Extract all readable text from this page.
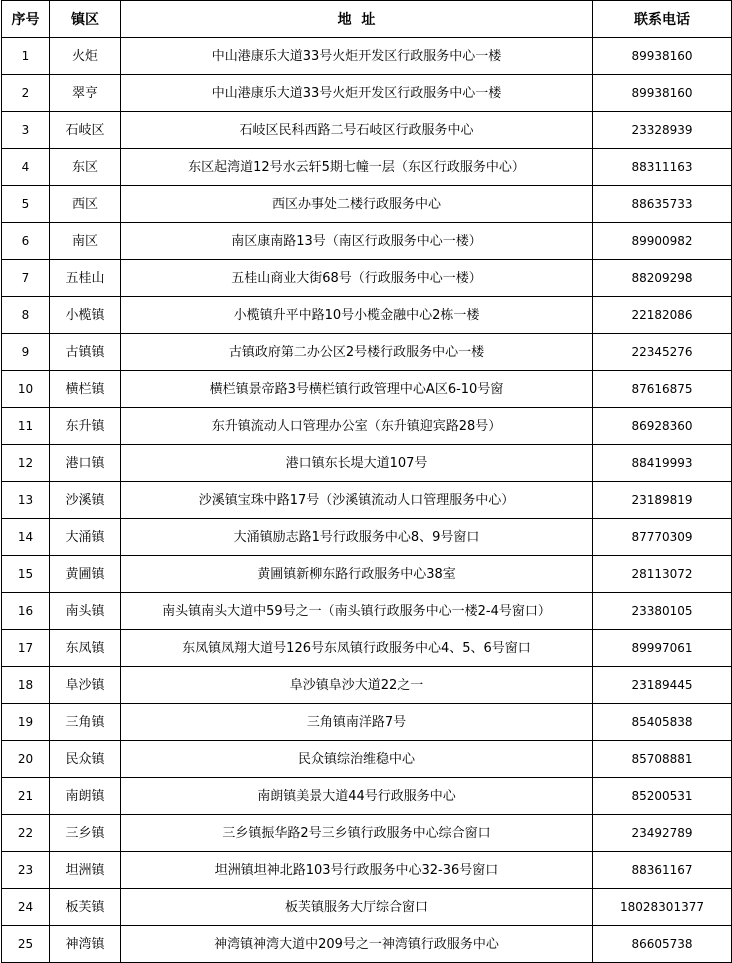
序号	镇区	地  址	联系电话
1	火炬	中山港康乐大道33号火炬开发区行政服务中心一楼	89938160
2	翠亨	中山港康乐大道33号火炬开发区行政服务中心一楼	89938160
3	石岐区	石岐区民科西路二号石岐区行政服务中心	23328939
4	东区	东区起湾道12号水云轩5期七幢一层（东区行政服务中心）	88311163
5	西区	西区办事处二楼行政服务中心	88635733
6	南区	南区康南路13号（南区行政服务中心一楼）	89900982
7	五桂山	五桂山商业大街68号（行政服务中心一楼）	88209298
8	小榄镇	小榄镇升平中路10号小榄金融中心2栋一楼	22182086
9	古镇镇	古镇政府第二办公区2号楼行政服务中心一楼	22345276
10	横栏镇	横栏镇景帝路3号横栏镇行政管理中心A区6-10号窗	87616875
11	东升镇	东升镇流动人口管理办公室（东升镇迎宾路28号）	86928360
12	港口镇	港口镇东长堤大道107号	88419993
13	沙溪镇	沙溪镇宝珠中路17号（沙溪镇流动人口管理服务中心）	23189819
14	大涌镇	大涌镇励志路1号行政服务中心8、9号窗口	87770309
15	黄圃镇	黄圃镇新柳东路行政服务中心38室	28113072
16	南头镇	南头镇南头大道中59号之一（南头镇行政服务中心一楼2-4号窗口）	23380105
17	东凤镇	东凤镇凤翔大道号126号东凤镇行政服务中心4、5、6号窗口	89997061
18	阜沙镇	阜沙镇阜沙大道22之一	23189445
19	三角镇	三角镇南洋路7号	85405838
20	民众镇	民众镇综治维稳中心	85708881
21	南朗镇	南朗镇美景大道44号行政服务中心	85200531
22	三乡镇	三乡镇振华路2号三乡镇行政服务中心综合窗口	23492789
23	坦洲镇	坦洲镇坦神北路103号行政服务中心32-36号窗口	88361167
24	板芙镇	板芙镇服务大厅综合窗口	18028301377
25	神湾镇	神湾镇神湾大道中209号之一神湾镇行政服务中心	86605738
